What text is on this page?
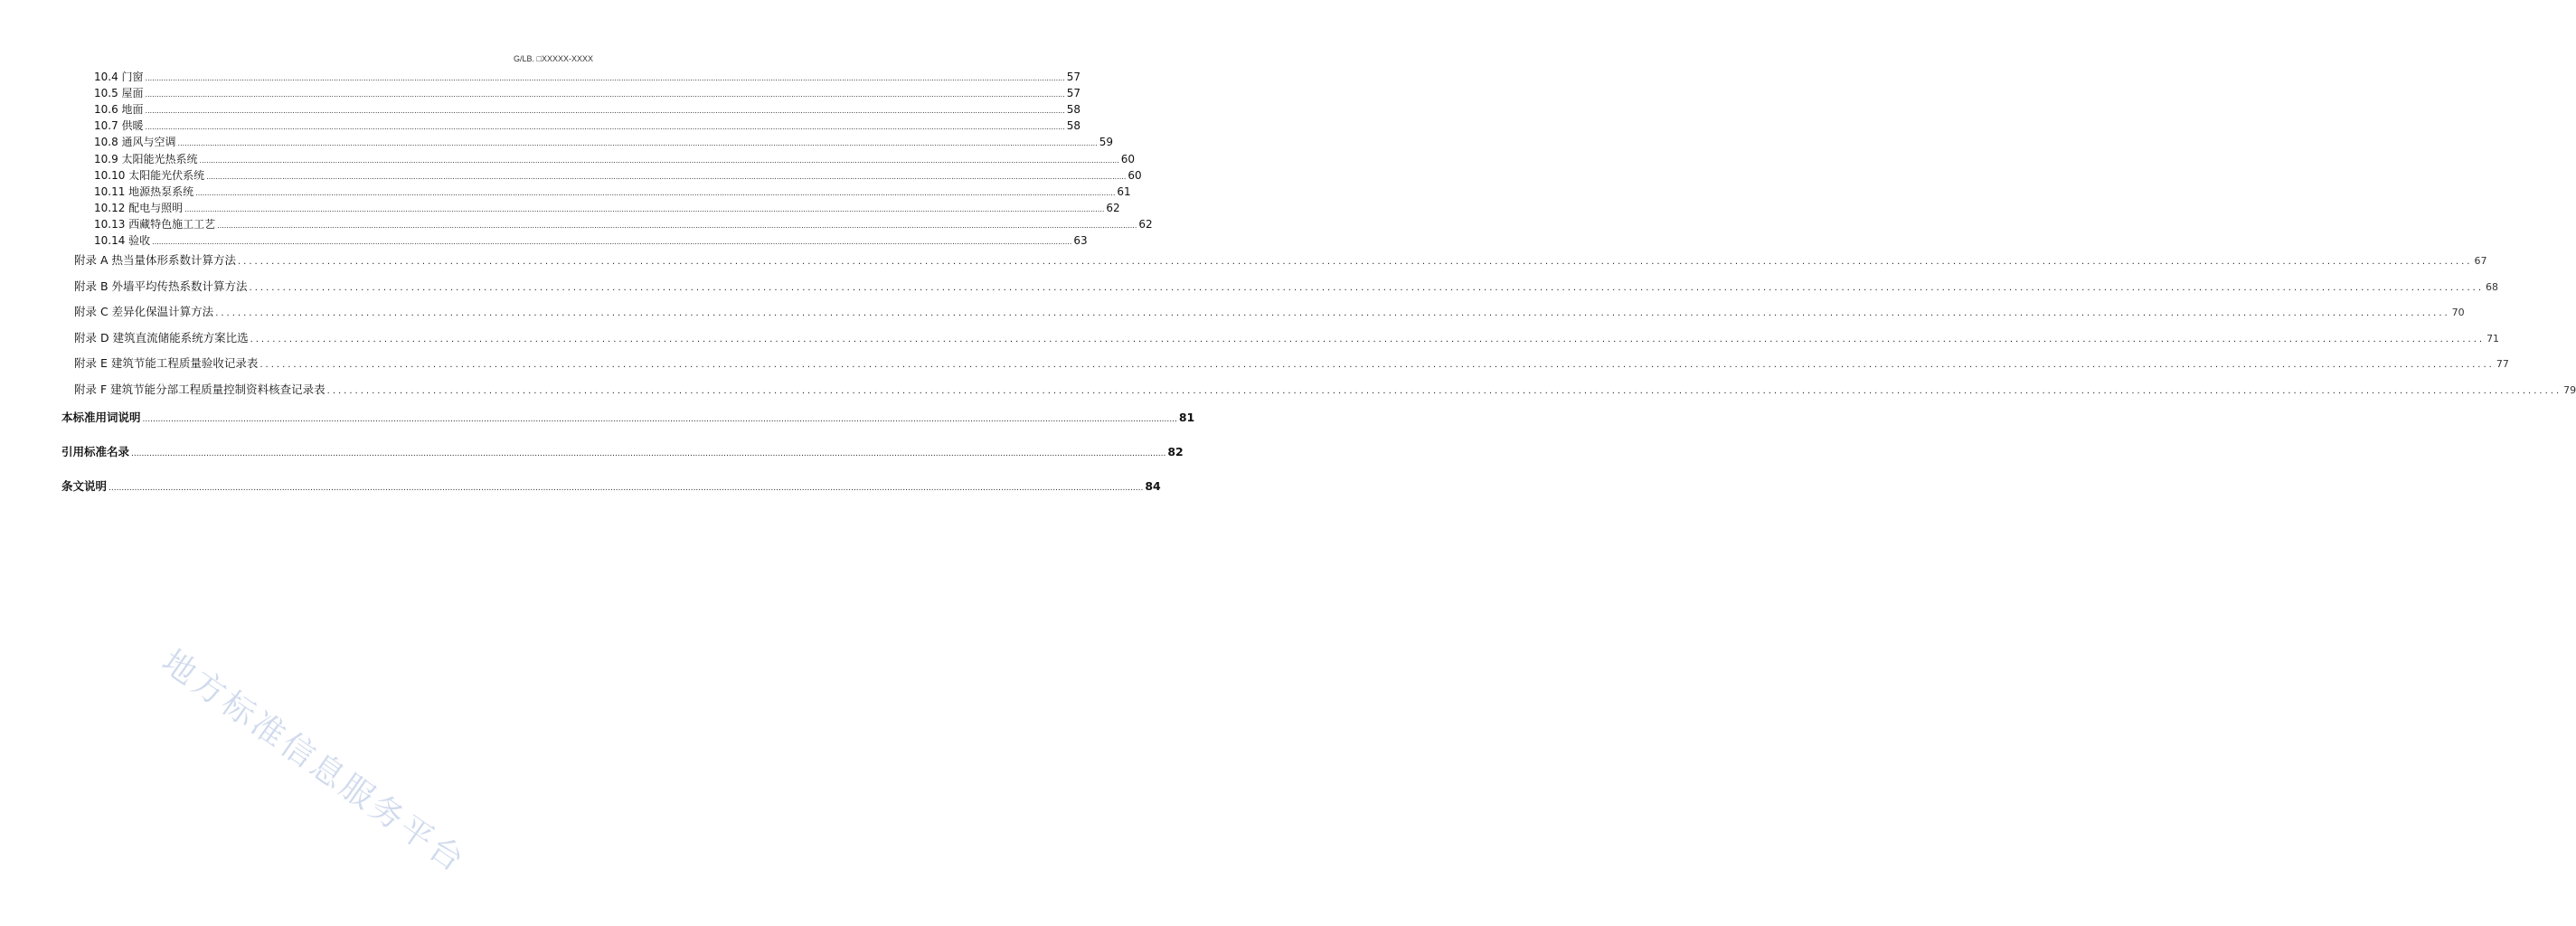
G/LB. □XXXXX-XXXX
10.4 门窗 ................................................................................................................................................................................................................................................................................................................................................................................................................ 57
10.5 屋面 ................................................................................................................................................................................................................................................................................................................................................................................................................ 57
10.6 地面 ................................................................................................................................................................................................................................................................................................................................................................................................................ 58
10.7 供暖 ................................................................................................................................................................................................................................................................................................................................................................................................................ 58
10.8 通风与空调 ................................................................................................................................................................................................................................................................................................................................................................................................................ 59
10.9 太阳能光热系统 ................................................................................................................................................................................................................................................................................................................................................................................................................ 60
10.10 太阳能光伏系统 ................................................................................................................................................................................................................................................................................................................................................................................................................ 60
10.11 地源热泵系统 ................................................................................................................................................................................................................................................................................................................................................................................................................ 61
10.12 配电与照明 ................................................................................................................................................................................................................................................................................................................................................................................................................ 62
10.13 西藏特色施工工艺 ................................................................................................................................................................................................................................................................................................................................................................................................................ 62
10.14 验收 ................................................................................................................................................................................................................................................................................................................................................................................................................ 63
附录 A 热当量体形系数计算方法 ................................................................................................................................................................................................................................................................................................................................................................................................................ 67
附录 B 外墙平均传热系数计算方法 ................................................................................................................................................................................................................................................................................................................................................................................................................ 68
附录 C 差异化保温计算方法 ................................................................................................................................................................................................................................................................................................................................................................................................................ 70
附录 D 建筑直流储能系统方案比选 ................................................................................................................................................................................................................................................................................................................................................................................................................ 71
附录 E 建筑节能工程质量验收记录表 ................................................................................................................................................................................................................................................................................................................................................................................................................ 77
附录 F 建筑节能分部工程质量控制资料核查记录表 ................................................................................................................................................................................................................................................................................................................................................................................................................ 79
本标准用词说明 ................................................................................................................................................................................................................................................................................................................................................................................................................ 81
引用标准名录 ................................................................................................................................................................................................................................................................................................................................................................................................................ 82
条文说明 ................................................................................................................................................................................................................................................................................................................................................................................................................ 84
地方标准信息服务平台
